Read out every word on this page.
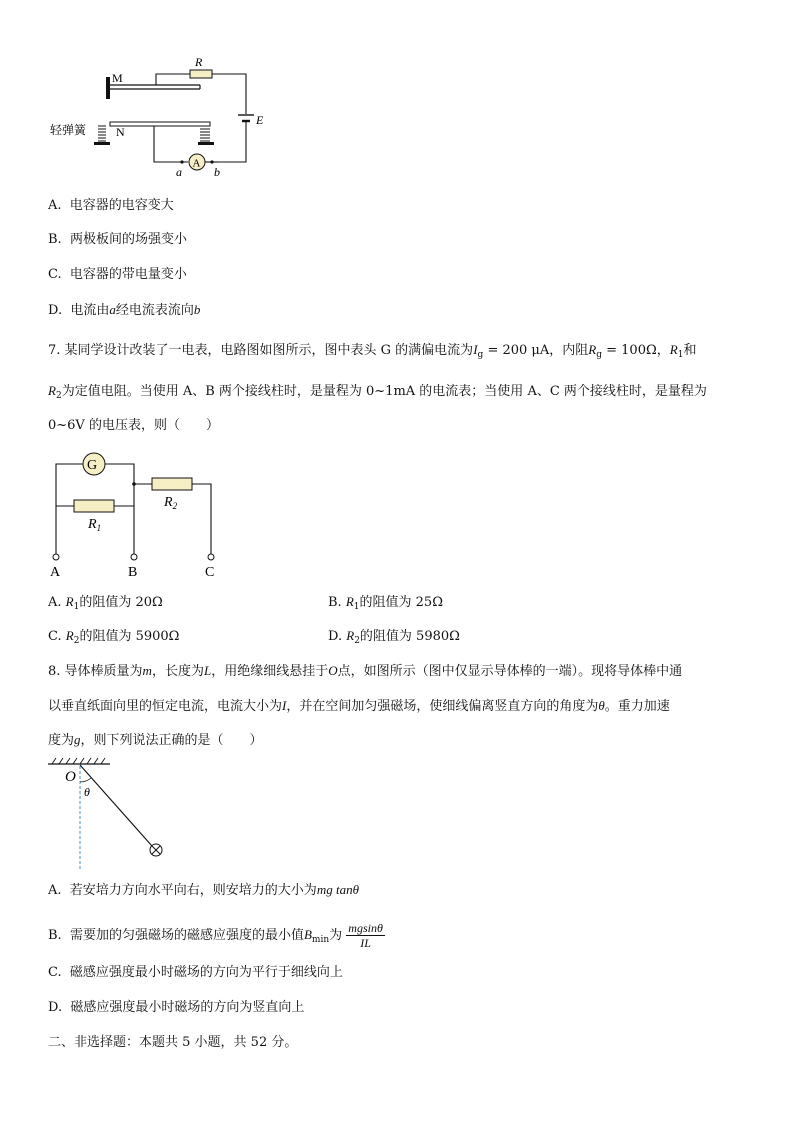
M
R
E
N
轻弹簧
A
a	b
A. 电容器的电容变大
B. 两极板间的场强变小
C. 电容器的带电量变小
D. 电流由a经电流表流向b
7. 某同学设计改装了一电表，电路图如图所示，图中表头 G 的满偏电流为$I_g = 200$ μA，内阻$R_g = 100\Omega$，$R_1$和
$R_2$为定值电阻。当使用 A、B 两个接线柱时，是量程为 0~1mA 的电流表；当使用 A、C 两个接线柱时，是量程为
0~6V 的电压表，则（　　）
G
$R_1$
$R_2$
A	B	C
A. $R_1$的阻值为 20Ω	B. $R_1$的阻值为 25Ω
C. $R_2$的阻值为 5900Ω	D. $R_2$的阻值为 5980Ω
8. 导体棒质量为m，长度为L，用绝缘细线悬挂于O点，如图所示（图中仅显示导体棒的一端）。现将导体棒中通
以垂直纸面向里的恒定电流，电流大小为I，并在空间加匀强磁场，使细线偏离竖直方向的角度为θ。重力加速
度为g，则下列说法正确的是（　　）
O
θ
A. 若安培力方向水平向右，则安培力的大小为mg tanθ
B. 需要加的匀强磁场的磁感应强度的最小值$B_{min}$为 $\frac{mgsin\theta}{IL}$
C. 磁感应强度最小时磁场的方向为平行于细线向上
D. 磁感应强度最小时磁场的方向为竖直向上
二、非选择题：本题共 5 小题，共 52 分。
